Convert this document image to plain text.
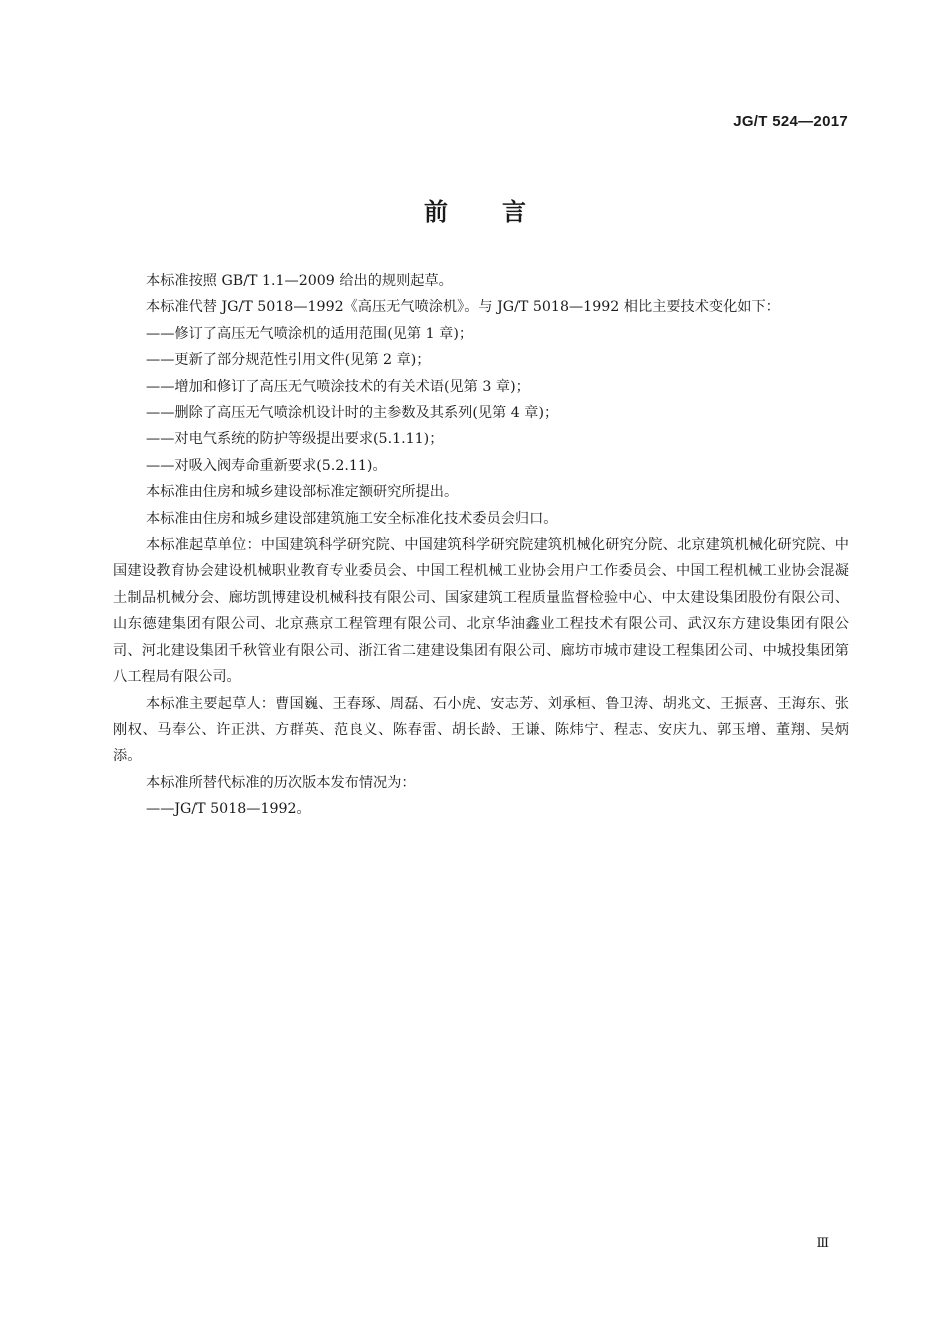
JG/T 524—2017
前言

本标准按照 GB/T 1.1—2009 给出的规则起草。

本标准代替 JG/T 5018—1992《高压无气喷涂机》。与 JG/T 5018—1992 相比主要技术变化如下：

——修订了高压无气喷涂机的适用范围(见第 1 章)；

——更新了部分规范性引用文件(见第 2 章)；

——增加和修订了高压无气喷涂技术的有关术语(见第 3 章)；

——删除了高压无气喷涂机设计时的主参数及其系列(见第 4 章)；

——对电气系统的防护等级提出要求(5.1.11)；

——对吸入阀寿命重新要求(5.2.11)。

本标准由住房和城乡建设部标准定额研究所提出。

本标准由住房和城乡建设部建筑施工安全标准化技术委员会归口。

本标准起草单位：中国建筑科学研究院、中国建筑科学研究院建筑机械化研究分院、北京建筑机械化研究院、中国建设教育协会建设机械职业教育专业委员会、中国工程机械工业协会用户工作委员会、中国工程机械工业协会混凝土制品机械分会、廊坊凯博建设机械科技有限公司、国家建筑工程质量监督检验中心、中太建设集团股份有限公司、山东德建集团有限公司、北京燕京工程管理有限公司、北京华油鑫业工程技术有限公司、武汉东方建设集团有限公司、河北建设集团千秋管业有限公司、浙江省二建建设集团有限公司、廊坊市城市建设工程集团公司、中城投集团第八工程局有限公司。

本标准主要起草人：曹国巍、王春琢、周磊、石小虎、安志芳、刘承桓、鲁卫涛、胡兆文、王振喜、王海东、张刚权、马奉公、许正洪、方群英、范良义、陈春雷、胡长龄、王谦、陈炜宁、程志、安庆九、郭玉增、董翔、吴炳添。

本标准所替代标准的历次版本发布情况为：

——JG/T 5018—1992。

Ⅲ
